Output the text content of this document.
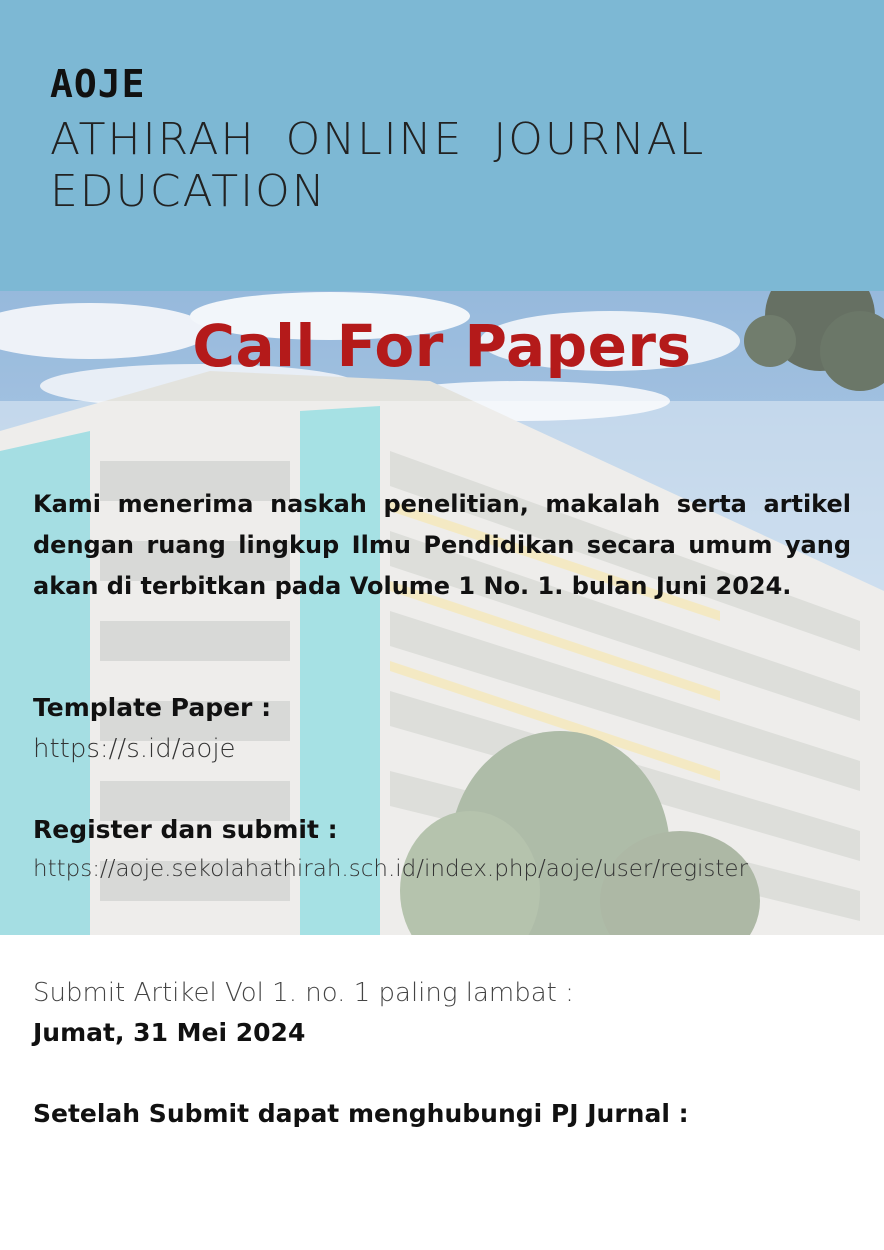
AOJE

ATHIRAH ONLINE JOURNAL EDUCATION

Call For Papers

Kami menerima naskah penelitian, makalah serta artikel dengan ruang lingkup Ilmu Pendidikan secara umum yang akan di terbitkan pada Volume 1 No. 1. bulan Juni 2024.

Template Paper :

https://s.id/aoje

Register dan submit :

https://aoje.sekolahathirah.sch.id/index.php/aoje/user/register

Submit Artikel Vol 1. no. 1 paling lambat :

Jumat, 31 Mei 2024

Setelah Submit dapat menghubungi PJ Jurnal :
